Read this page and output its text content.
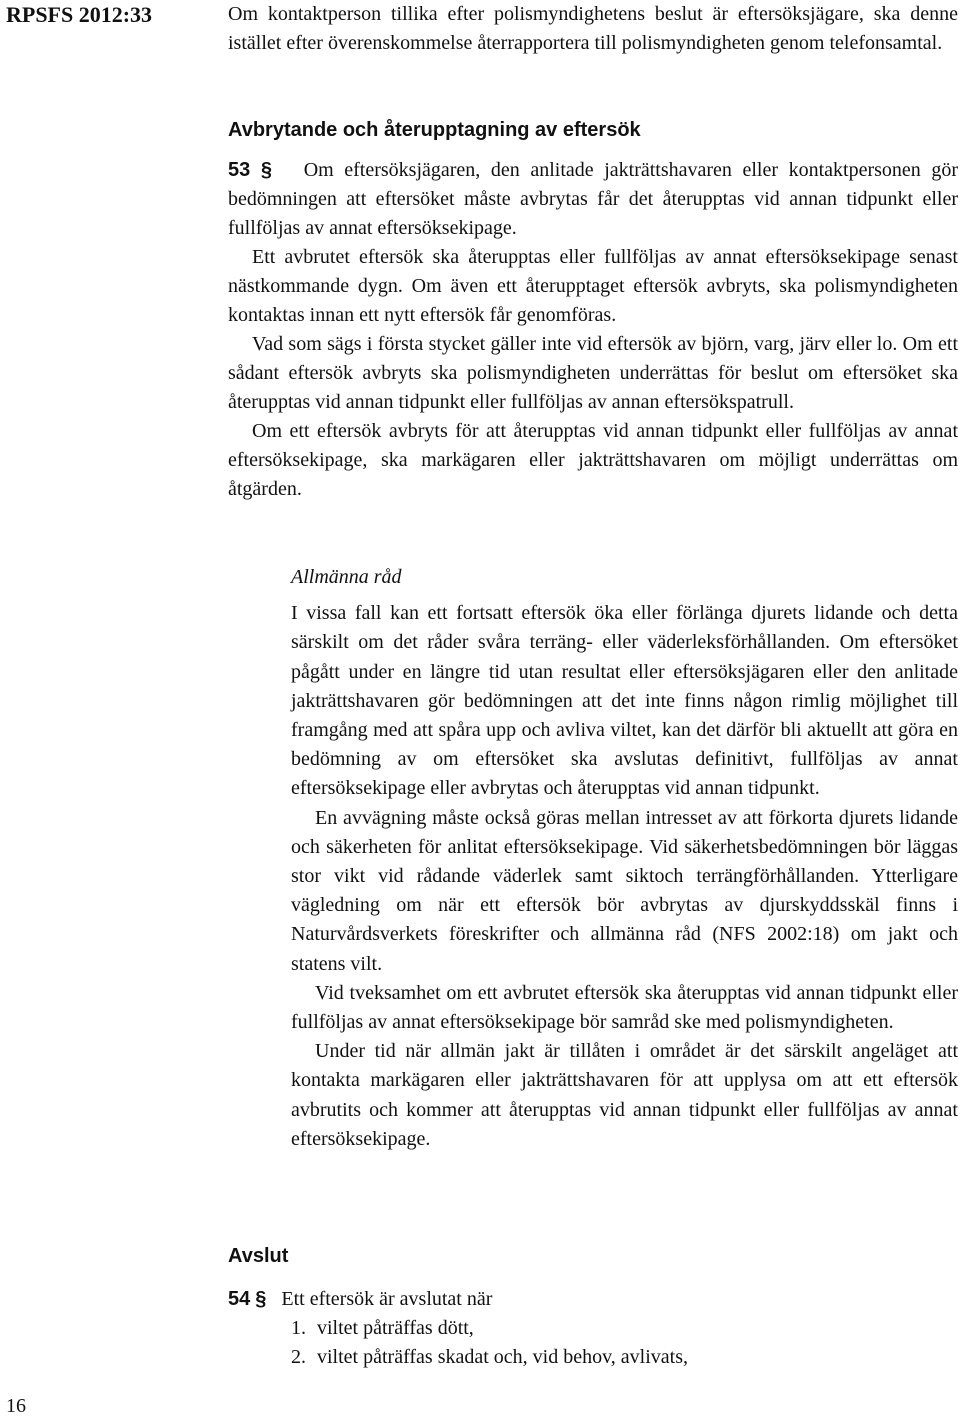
RPSFS 2012:33	Om kontaktperson tillika efter polismyndighetens beslut är eftersöksjägare, ska denne istället efter överenskommelse återrapportera till polismyndigheten genom telefonsamtal.

Avbrytande och återupptagning av eftersök

53 § Om eftersöksjägaren, den anlitade jakträttshavaren eller kontaktpersonen gör bedömningen att eftersöket måste avbrytas får det återupptas vid annan tidpunkt eller fullföljas av annat eftersöksekipage.

Ett avbrutet eftersök ska återupptas eller fullföljas av annat eftersöksekipage senast nästkommande dygn. Om även ett återupptaget eftersök avbryts, ska polismyndigheten kontaktas innan ett nytt eftersök får genomföras.

Vad som sägs i första stycket gäller inte vid eftersök av björn, varg, järv eller lo. Om ett sådant eftersök avbryts ska polismyndigheten underrättas för beslut om eftersöket ska återupptas vid annan tidpunkt eller fullföljas av annan eftersökspatrull.

Om ett eftersök avbryts för att återupptas vid annan tidpunkt eller fullföljas av annat eftersöksekipage, ska markägaren eller jakträttshavaren om möjligt underrättas om åtgärden.

Allmänna råd

I vissa fall kan ett fortsatt eftersök öka eller förlänga djurets lidande och detta särskilt om det råder svåra terräng- eller väderleksförhållanden. Om eftersöket pågått under en längre tid utan resultat eller eftersöksjägaren eller den anlitade jakträttshavaren gör bedömningen att det inte finns någon rimlig möjlighet till framgång med att spåra upp och avliva viltet, kan det därför bli aktuellt att göra en bedömning av om eftersöket ska avslutas definitivt, fullföljas av annat eftersöksekipage eller avbrytas och återupptas vid annan tidpunkt.

En avvägning måste också göras mellan intresset av att förkorta djurets lidande och säkerheten för anlitat eftersöksekipage. Vid säkerhetsbedömningen bör läggas stor vikt vid rådande väderlek samt siktoch terrängförhållanden. Ytterligare vägledning om när ett eftersök bör avbrytas av djurskyddsskäl finns i Naturvårdsverkets föreskrifter och allmänna råd (NFS 2002:18) om jakt och statens vilt.

Vid tveksamhet om ett avbrutet eftersök ska återupptas vid annan tidpunkt eller fullföljas av annat eftersöksekipage bör samråd ske med polismyndigheten.

Under tid när allmän jakt är tillåten i området är det särskilt angeläget att kontakta markägaren eller jakträttshavaren för att upplysa om att ett eftersök avbrutits och kommer att återupptas vid annan tidpunkt eller fullföljas av annat eftersöksekipage.

Avslut

54 § Ett eftersök är avslutat när

1. viltet påträffas dött,

2. viltet påträffas skadat och, vid behov, avlivats,

16
